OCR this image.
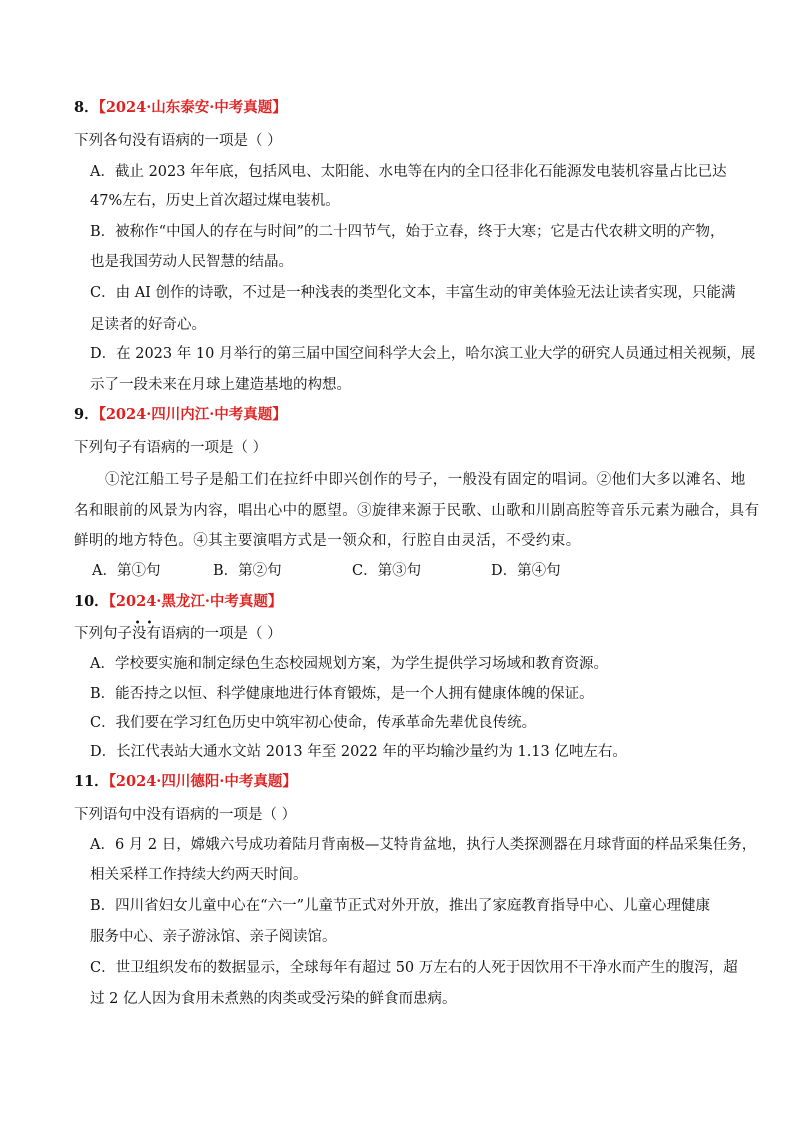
8．【2024·山东泰安·中考真题】
下列各句没有语病的一项是（ ）
A．截止 2023 年年底，包括风电、太阳能、水电等在内的全口径非化石能源发电装机容量占比已达
47%左右，历史上首次超过煤电装机。
B．被称作“中国人的存在与时间”的二十四节气，始于立春，终于大寒；它是古代农耕文明的产物，
也是我国劳动人民智慧的结晶。
C．由 AI 创作的诗歌，不过是一种浅表的类型化文本，丰富生动的审美体验无法让读者实现，只能满
足读者的好奇心。
D．在 2023 年 10 月举行的第三届中国空间科学大会上，哈尔滨工业大学的研究人员通过相关视频，展
示了一段未来在月球上建造基地的构想。
9．【2024·四川内江·中考真题】
下列句子有语病的一项是（ ）
①沱江船工号子是船工们在拉纤中即兴创作的号子，一般没有固定的唱词。②他们大多以滩名、地
名和眼前的风景为内容，唱出心中的愿望。③旋律来源于民歌、山歌和川剧高腔等音乐元素为融合，具有
鲜明的地方特色。④其主要演唱方式是一领众和，行腔自由灵活，不受约束。
A．第①句	B．第②句	C．第③句	D．第④句
10．【2024·黑龙江·中考真题】
下列句子
••
没有语病的一项是（ ）
A．学校要实施和制定绿色生态校园规划方案，为学生提供学习场域和教育资源。
B．能否持之以恒、科学健康地进行体育锻炼，是一个人拥有健康体魄的保证。
C．我们要在学习红色历史中筑牢初心使命，传承革命先辈优良传统。
D．长江代表站大通水文站 2013 年至 2022 年的平均输沙量约为 1.13 亿吨左右。
11．【2024·四川德阳·中考真题】
下列语句中没有语病的一项是（ ）
A．6 月 2 日，嫦娥六号成功着陆月背南极—艾特肯盆地，执行人类探测器在月球背面的样品采集任务，
相关采样工作持续大约两天时间。
B．四川省妇女儿童中心在“六一”儿童节正式对外开放，推出了家庭教育指导中心、儿童心理健康
服务中心、亲子游泳馆、亲子阅读馆。
C．世卫组织发布的数据显示，全球每年有超过 50 万左右的人死于因饮用不干净水而产生的腹泻，超
过 2 亿人因为食用未煮熟的肉类或受污染的鲜食而患病。
